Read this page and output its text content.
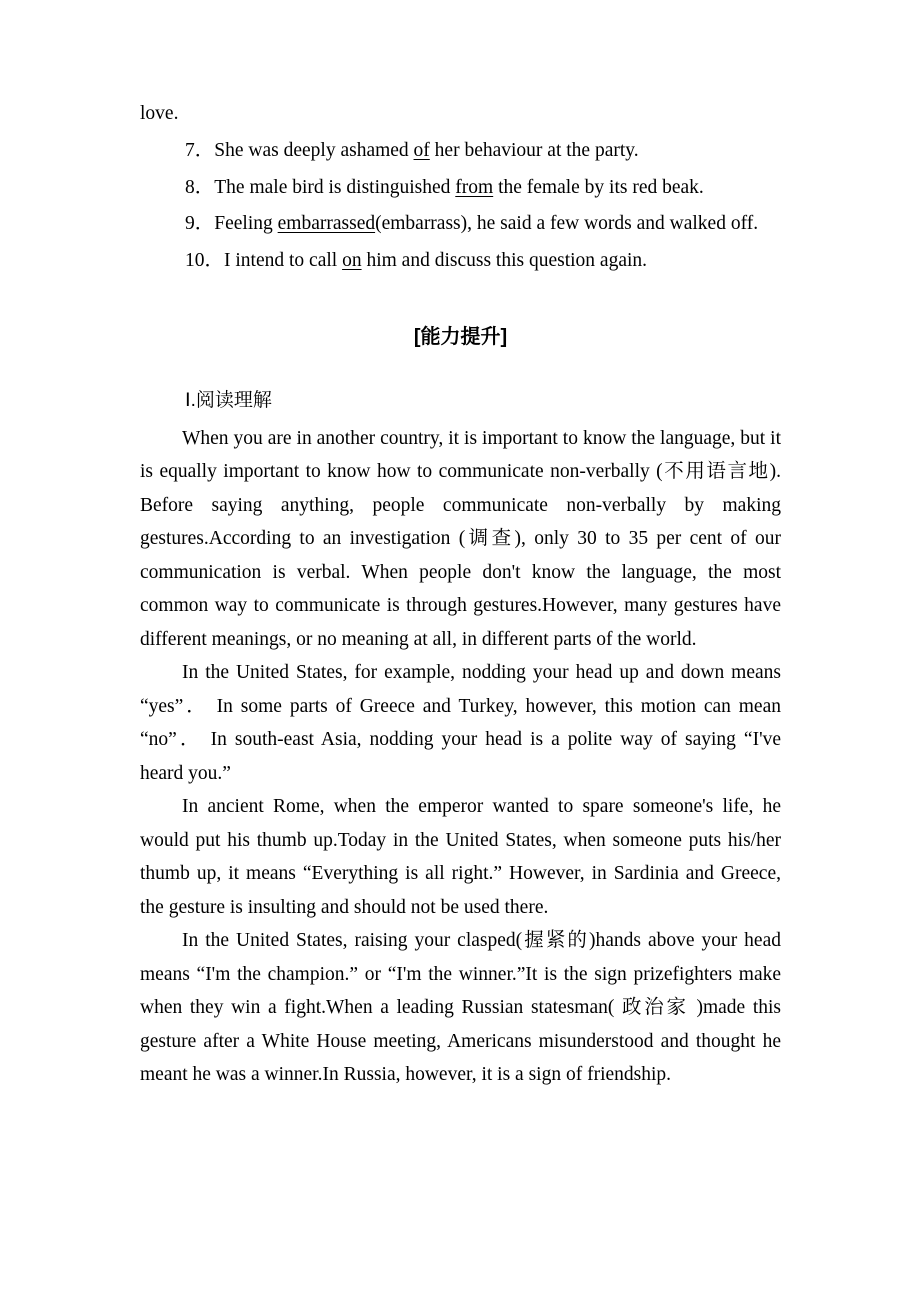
love.
7．She was deeply ashamed of her behaviour at the party.
8．The male bird is distinguished from the female by its red beak.
9．Feeling embarrassed(embarrass), he said a few words and walked off.
10．I intend to call on him and discuss this question again.
[能力提升]
Ⅰ.阅读理解

When you are in another country, it is important to know the language, but it is equally important to know how to communicate non-verbally (不用语言地). Before saying anything, people communicate non-verbally by making gestures.According to an investigation (调查), only 30 to 35 per cent of our communication is verbal. When people don't know the language, the most common way to communicate is through gestures.However, many gestures have different meanings, or no meaning at all, in different parts of the world.

In the United States, for example, nodding your head up and down means “yes”． In some parts of Greece and Turkey, however, this motion can mean “no”． In south-east Asia, nodding your head is a polite way of saying “I've heard you.”

In ancient Rome, when the emperor wanted to spare someone's life, he would put his thumb up.Today in the United States, when someone puts his/her thumb up, it means “Everything is all right.” However, in Sardinia and Greece, the gesture is insulting and should not be used there.

In the United States, raising your clasped(握紧的)hands above your head means “I'm the champion.” or “I'm the winner.”It is the sign prizefighters make when they win a fight.When a leading Russian statesman( 政治家 )made this gesture after a White House meeting, Americans misunderstood and thought he meant he was a winner.In Russia, however, it is a sign of friendship.
